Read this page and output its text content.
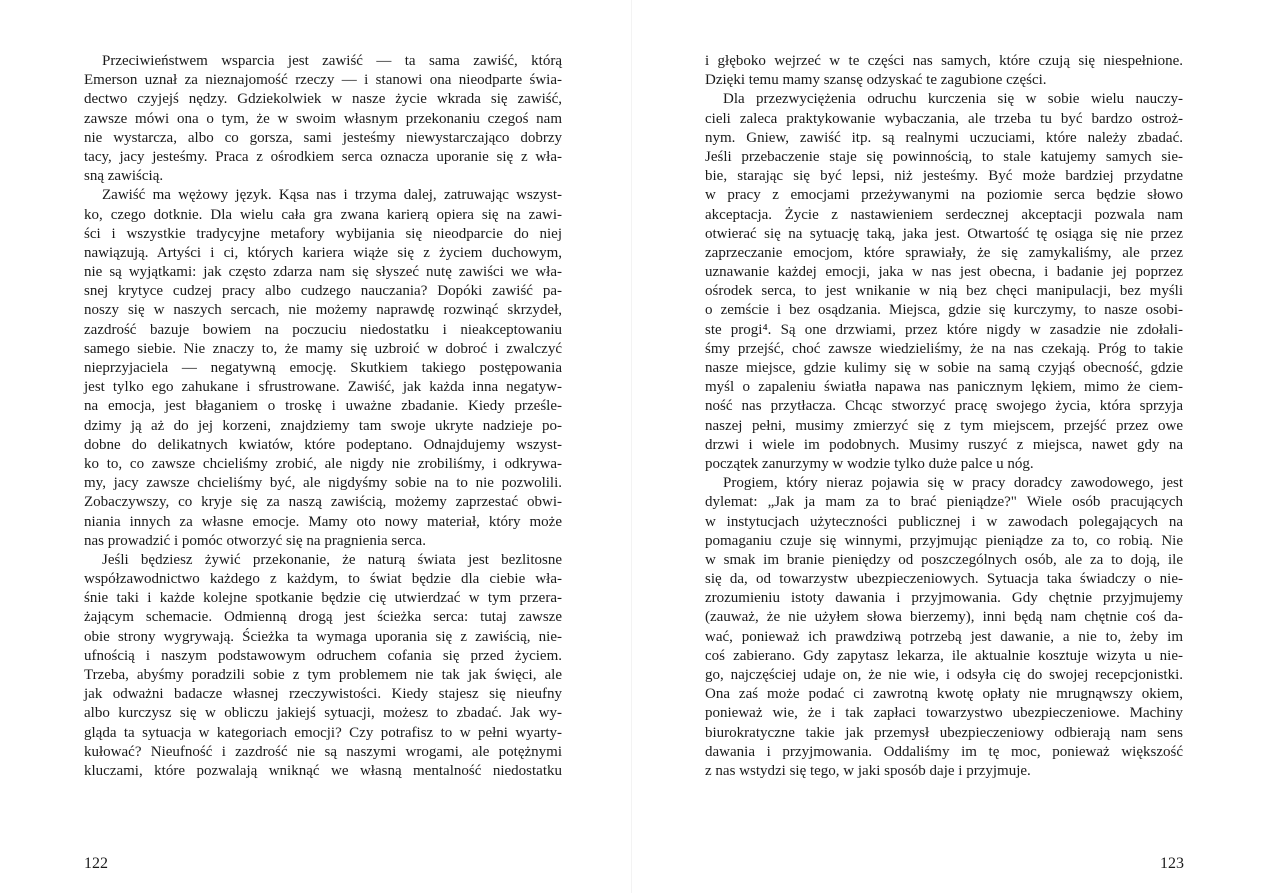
Przeciwieństwem wsparcia jest zawiść — ta sama zawiść, którą
Emerson uznał za nieznajomość rzeczy — i stanowi ona nieodparte świa-
dectwo czyjejś nędzy. Gdziekolwiek w nasze życie wkrada się zawiść,
zawsze mówi ona o tym, że w swoim własnym przekonaniu czegoś nam
nie wystarcza, albo co gorsza, sami jesteśmy niewystarczająco dobrzy
tacy, jacy jesteśmy. Praca z ośrodkiem serca oznacza uporanie się z wła-
sną zawiścią.
Zawiść ma wężowy język. Kąsa nas i trzyma dalej, zatruwając wszyst-
ko, czego dotknie. Dla wielu cała gra zwana karierą opiera się na zawi-
ści i wszystkie tradycyjne metafory wybijania się nieodparcie do niej
nawiązują. Artyści i ci, których kariera wiąże się z życiem duchowym,
nie są wyjątkami: jak często zdarza nam się słyszeć nutę zawiści we wła-
snej krytyce cudzej pracy albo cudzego nauczania? Dopóki zawiść pa-
noszy się w naszych sercach, nie możemy naprawdę rozwinąć skrzydeł,
zazdrość bazuje bowiem na poczuciu niedostatku i nieakceptowaniu
samego siebie. Nie znaczy to, że mamy się uzbroić w dobroć i zwalczyć
nieprzyjaciela — negatywną emocję. Skutkiem takiego postępowania
jest tylko ego zahukane i sfrustrowane. Zawiść, jak każda inna negatyw-
na emocja, jest błaganiem o troskę i uważne zbadanie. Kiedy prześle-
dzimy ją aż do jej korzeni, znajdziemy tam swoje ukryte nadzieje po-
dobne do delikatnych kwiatów, które podeptano. Odnajdujemy wszyst-
ko to, co zawsze chcieliśmy zrobić, ale nigdy nie zrobiliśmy, i odkrywa-
my, jacy zawsze chcieliśmy być, ale nigdyśmy sobie na to nie pozwolili.
Zobaczywszy, co kryje się za naszą zawiścią, możemy zaprzestać obwi-
niania innych za własne emocje. Mamy oto nowy materiał, który może
nas prowadzić i pomóc otworzyć się na pragnienia serca.
Jeśli będziesz żywić przekonanie, że naturą świata jest bezlitosne
współzawodnictwo każdego z każdym, to świat będzie dla ciebie wła-
śnie taki i każde kolejne spotkanie będzie cię utwierdzać w tym przera-
żającym schemacie. Odmienną drogą jest ścieżka serca: tutaj zawsze
obie strony wygrywają. Ścieżka ta wymaga uporania się z zawiścią, nie-
ufnością i naszym podstawowym odruchem cofania się przed życiem.
Trzeba, abyśmy poradzili sobie z tym problemem nie tak jak święci, ale
jak odważni badacze własnej rzeczywistości. Kiedy stajesz się nieufny
albo kurczysz się w obliczu jakiejś sytuacji, możesz to zbadać. Jak wy-
gląda ta sytuacja w kategoriach emocji? Czy potrafisz to w pełni wyarty-
kułować? Nieufność i zazdrość nie są naszymi wrogami, ale potężnymi
kluczami, które pozwalają wniknąć we własną mentalność niedostatku
122
i głęboko wejrzeć w te części nas samych, które czują się niespełnione.
Dzięki temu mamy szansę odzyskać te zagubione części.
Dla przezwyciężenia odruchu kurczenia się w sobie wielu nauczy-
cieli zaleca praktykowanie wybaczania, ale trzeba tu być bardzo ostroż-
nym. Gniew, zawiść itp. są realnymi uczuciami, które należy zbadać.
Jeśli przebaczenie staje się powinnością, to stale katujemy samych sie-
bie, starając się być lepsi, niż jesteśmy. Być może bardziej przydatne
w pracy z emocjami przeżywanymi na poziomie serca będzie słowo
akceptacja. Życie z nastawieniem serdecznej akceptacji pozwala nam
otwierać się na sytuację taką, jaka jest. Otwartość tę osiąga się nie przez
zaprzeczanie emocjom, które sprawiały, że się zamykaliśmy, ale przez
uznawanie każdej emocji, jaka w nas jest obecna, i badanie jej poprzez
ośrodek serca, to jest wnikanie w nią bez chęci manipulacji, bez myśli
o zemście i bez osądzania. Miejsca, gdzie się kurczymy, to nasze osobi-
ste progi⁴. Są one drzwiami, przez które nigdy w zasadzie nie zdołali-
śmy przejść, choć zawsze wiedzieliśmy, że na nas czekają. Próg to takie
nasze miejsce, gdzie kulimy się w sobie na samą czyjąś obecność, gdzie
myśl o zapaleniu światła napawa nas panicznym lękiem, mimo że ciem-
ność nas przytłacza. Chcąc stworzyć pracę swojego życia, która sprzyja
naszej pełni, musimy zmierzyć się z tym miejscem, przejść przez owe
drzwi i wiele im podobnych. Musimy ruszyć z miejsca, nawet gdy na
początek zanurzymy w wodzie tylko duże palce u nóg.
Progiem, który nieraz pojawia się w pracy doradcy zawodowego, jest
dylemat: „Jak ja mam za to brać pieniądze?" Wiele osób pracujących
w instytucjach użyteczności publicznej i w zawodach polegających na
pomaganiu czuje się winnymi, przyjmując pieniądze za to, co robią. Nie
w smak im branie pieniędzy od poszczególnych osób, ale za to doją, ile
się da, od towarzystw ubezpieczeniowych. Sytuacja taka świadczy o nie-
zrozumieniu istoty dawania i przyjmowania. Gdy chętnie przyjmujemy
(zauważ, że nie użyłem słowa bierzemy), inni będą nam chętnie coś da-
wać, ponieważ ich prawdziwą potrzebą jest dawanie, a nie to, żeby im
coś zabierano. Gdy zapytasz lekarza, ile aktualnie kosztuje wizyta u nie-
go, najczęściej udaje on, że nie wie, i odsyła cię do swojej recepcjonistki.
Ona zaś może podać ci zawrotną kwotę opłaty nie mrugnąwszy okiem,
ponieważ wie, że i tak zapłaci towarzystwo ubezpieczeniowe. Machiny
biurokratyczne takie jak przemysł ubezpieczeniowy odbierają nam sens
dawania i przyjmowania. Oddaliśmy im tę moc, ponieważ większość
z nas wstydzi się tego, w jaki sposób daje i przyjmuje.
123
